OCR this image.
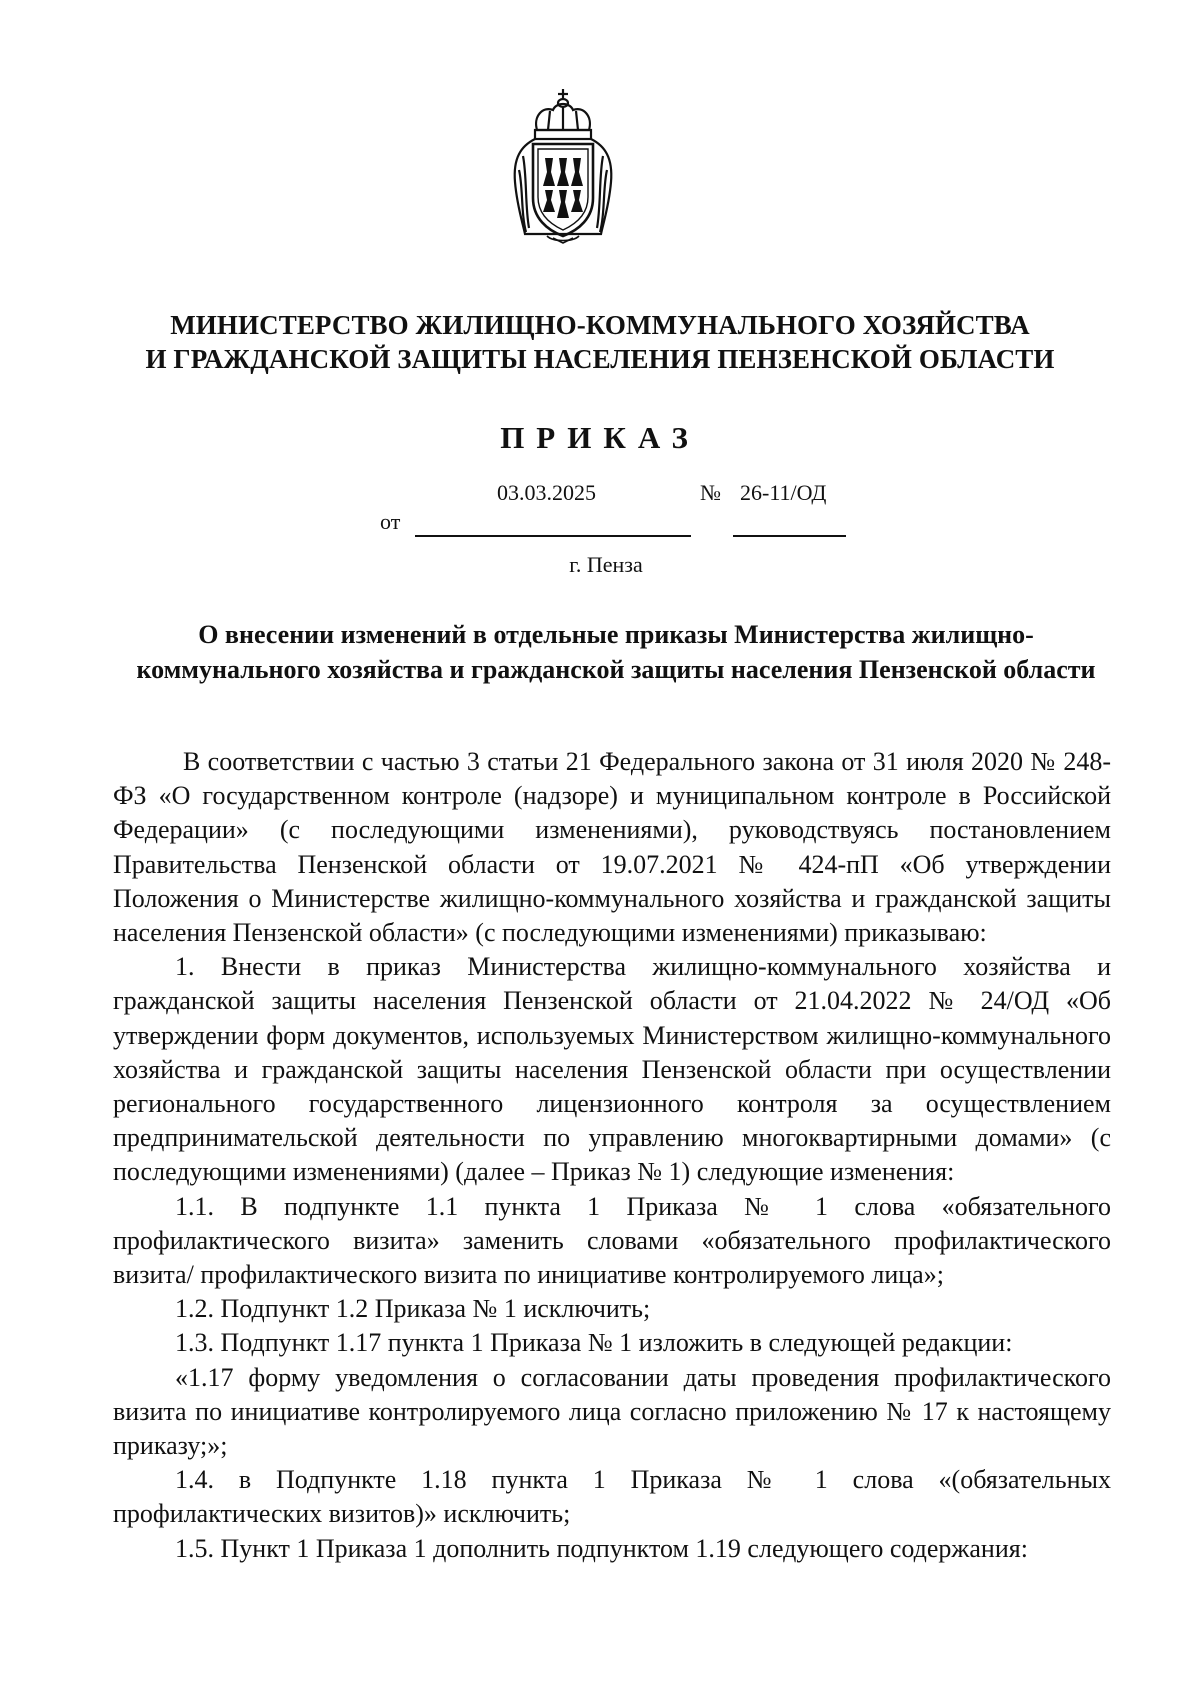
МИНИСТЕРСТВО ЖИЛИЩНО-КОММУНАЛЬНОГО ХОЗЯЙСТВА
И ГРАЖДАНСКОЙ ЗАЩИТЫ НАСЕЛЕНИЯ ПЕНЗЕНСКОЙ ОБЛАСТИ
ПРИКАЗ
03.03.2025	№ 26-11/ОД
от
г. Пенза
О внесении изменений в отдельные приказы Министерства жилищно-коммунального хозяйства и гражданской защиты населения Пензенской области

В соответствии с частью 3 статьи 21 Федерального закона от 31 июля 2020 № 248-ФЗ «О государственном контроле (надзоре) и муниципальном контроле в Российской Федерации» (с последующими изменениями), руководствуясь постановлением Правительства Пензенской области от 19.07.2021 № 424-пП «Об утверждении Положения о Министерстве жилищно-коммунального хозяйства и гражданской защиты населения Пензенской области» (с последующими изменениями) приказываю:

1. Внести в приказ Министерства жилищно-коммунального хозяйства и гражданской защиты населения Пензенской области от 21.04.2022 № 24/ОД «Об утверждении форм документов, используемых Министерством жилищно-коммунального хозяйства и гражданской защиты населения Пензенской области при осуществлении регионального государственного лицензионного контроля за осуществлением предпринимательской деятельности по управлению многоквартирными домами» (с последующими изменениями) (далее – Приказ № 1) следующие изменения:

1.1. В подпункте 1.1 пункта 1 Приказа № 1 слова «обязательного профилактического визита» заменить словами «обязательного профилактического визита/ профилактического визита по инициативе контролируемого лица»;

1.2. Подпункт 1.2 Приказа № 1 исключить;

1.3. Подпункт 1.17 пункта 1 Приказа № 1 изложить в следующей редакции:

«1.17 форму уведомления о согласовании даты проведения профилактического визита по инициативе контролируемого лица согласно приложению № 17 к настоящему приказу;»;

1.4. в Подпункте 1.18 пункта 1 Приказа № 1 слова «(обязательных профилактических визитов)» исключить;

1.5. Пункт 1 Приказа 1 дополнить подпунктом 1.19 следующего содержания:
